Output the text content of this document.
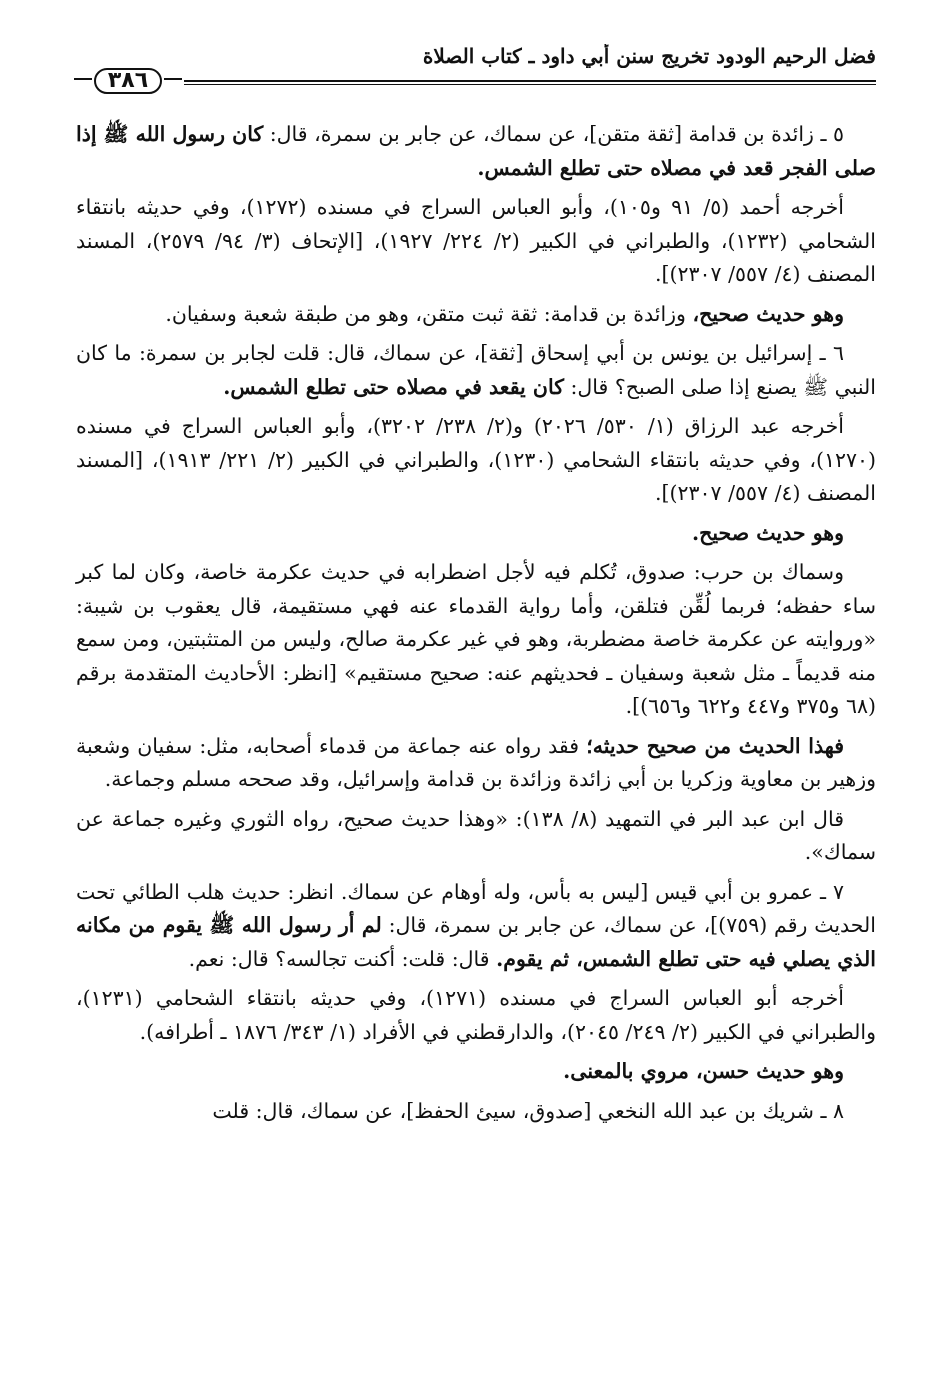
فضل الرحيم الودود تخريج سنن أبي داود ـ كتاب الصلاة
٣٨٦

٥ ـ زائدة بن قدامة [ثقة متقن]، عن سماك، عن جابر بن سمرة، قال: كان رسول الله ﷺ إذا صلى الفجر قعد في مصلاه حتى تطلع الشمس.

أخرجه أحمد (٥/ ٩١ و١٠٥)، وأبو العباس السراج في مسنده (١٢٧٢)، وفي حديثه بانتقاء الشحامي (١٢٣٢)، والطبراني في الكبير (٢/ ٢٢٤/ ١٩٢٧)، [الإتحاف (٣/ ٩٤/ ٢٥٧٩)، المسند المصنف (٤/ ٥٥٧/ ٢٣٠٧)].

وهو حديث صحيح، وزائدة بن قدامة: ثقة ثبت متقن، وهو من طبقة شعبة وسفيان.

٦ ـ إسرائيل بن يونس بن أبي إسحاق [ثقة]، عن سماك، قال: قلت لجابر بن سمرة: ما كان النبي ﷺ يصنع إذا صلى الصبح؟ قال: كان يقعد في مصلاه حتى تطلع الشمس.

أخرجه عبد الرزاق (١/ ٥٣٠/ ٢٠٢٦) و(٢/ ٢٣٨/ ٣٢٠٢)، وأبو العباس السراج في مسنده (١٢٧٠)، وفي حديثه بانتقاء الشحامي (١٢٣٠)، والطبراني في الكبير (٢/ ٢٢١/ ١٩١٣)، [المسند المصنف (٤/ ٥٥٧/ ٢٣٠٧)].

وهو حديث صحيح.

وسماك بن حرب: صدوق، تُكلم فيه لأجل اضطرابه في حديث عكرمة خاصة، وكان لما كبر ساء حفظه؛ فربما لُقِّن فتلقن، وأما رواية القدماء عنه فهي مستقيمة، قال يعقوب بن شيبة: «وروايته عن عكرمة خاصة مضطربة، وهو في غير عكرمة صالح، وليس من المتثبتين، ومن سمع منه قديماً ـ مثل شعبة وسفيان ـ فحديثهم عنه: صحيح مستقيم» [انظر: الأحاديث المتقدمة برقم (٦٨ و٣٧٥ و٤٤٧ و٦٢٢ و٦٥٦)].

فهذا الحديث من صحيح حديثه؛ فقد رواه عنه جماعة من قدماء أصحابه، مثل: سفيان وشعبة وزهير بن معاوية وزكريا بن أبي زائدة وزائدة بن قدامة وإسرائيل، وقد صححه مسلم وجماعة.

قال ابن عبد البر في التمهيد (٨/ ١٣٨): «وهذا حديث صحيح، رواه الثوري وغيره جماعة عن سماك».

٧ ـ عمرو بن أبي قيس [ليس به بأس، وله أوهام عن سماك. انظر: حديث هلب الطائي تحت الحديث رقم (٧٥٩)]، عن سماك، عن جابر بن سمرة، قال: لم أر رسول الله ﷺ يقوم من مكانه الذي يصلي فيه حتى تطلع الشمس، ثم يقوم. قال: قلت: أكنت تجالسه؟ قال: نعم.

أخرجه أبو العباس السراج في مسنده (١٢٧١)، وفي حديثه بانتقاء الشحامي (١٢٣١)، والطبراني في الكبير (٢/ ٢٤٩/ ٢٠٤٥)، والدارقطني في الأفراد (١/ ٣٤٣/ ١٨٧٦ ـ أطرافه).

وهو حديث حسن، مروي بالمعنى.

٨ ـ شريك بن عبد الله النخعي [صدوق، سيئ الحفظ]، عن سماك، قال: قلت
